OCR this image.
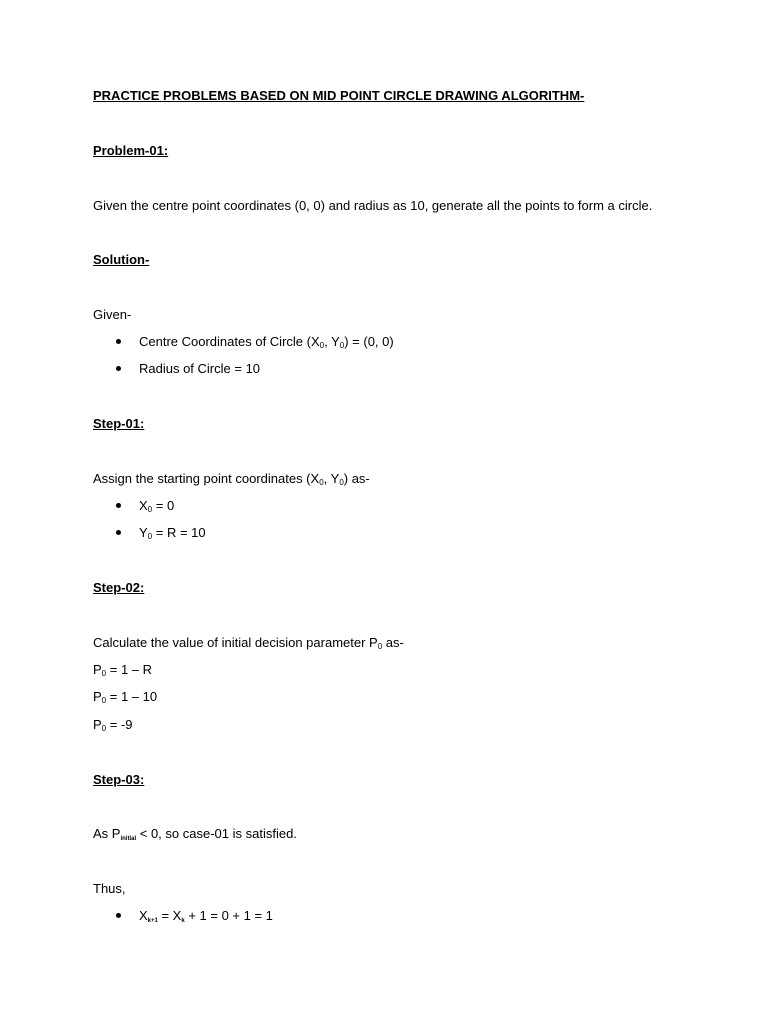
PRACTICE PROBLEMS BASED ON MID POINT CIRCLE DRAWING ALGORITHM-
Problem-01:
Given the centre point coordinates (0, 0) and radius as 10, generate all the points to form a circle.
Solution-
Given-
Centre Coordinates of Circle ($X_0$, $Y_0) = (0$, 0)
Radius of Circle = 10
Step-01:
Assign the starting point coordinates ($X_0$, $Y_0$) as-
$X_0 = 0$
$Y_0 = R = 10$
Step-02:
Calculate the value of initial decision parameter $P_0$ as-
$P_0 = 1 - R$
$P_0 = 1 - 10$
$P_0 = -9$
Step-03:
As $P_{initial} < 0$, so case-01 is satisfied.
Thus,
$X_{k+1} = X_k + 1 = 0 + 1 = 1$
